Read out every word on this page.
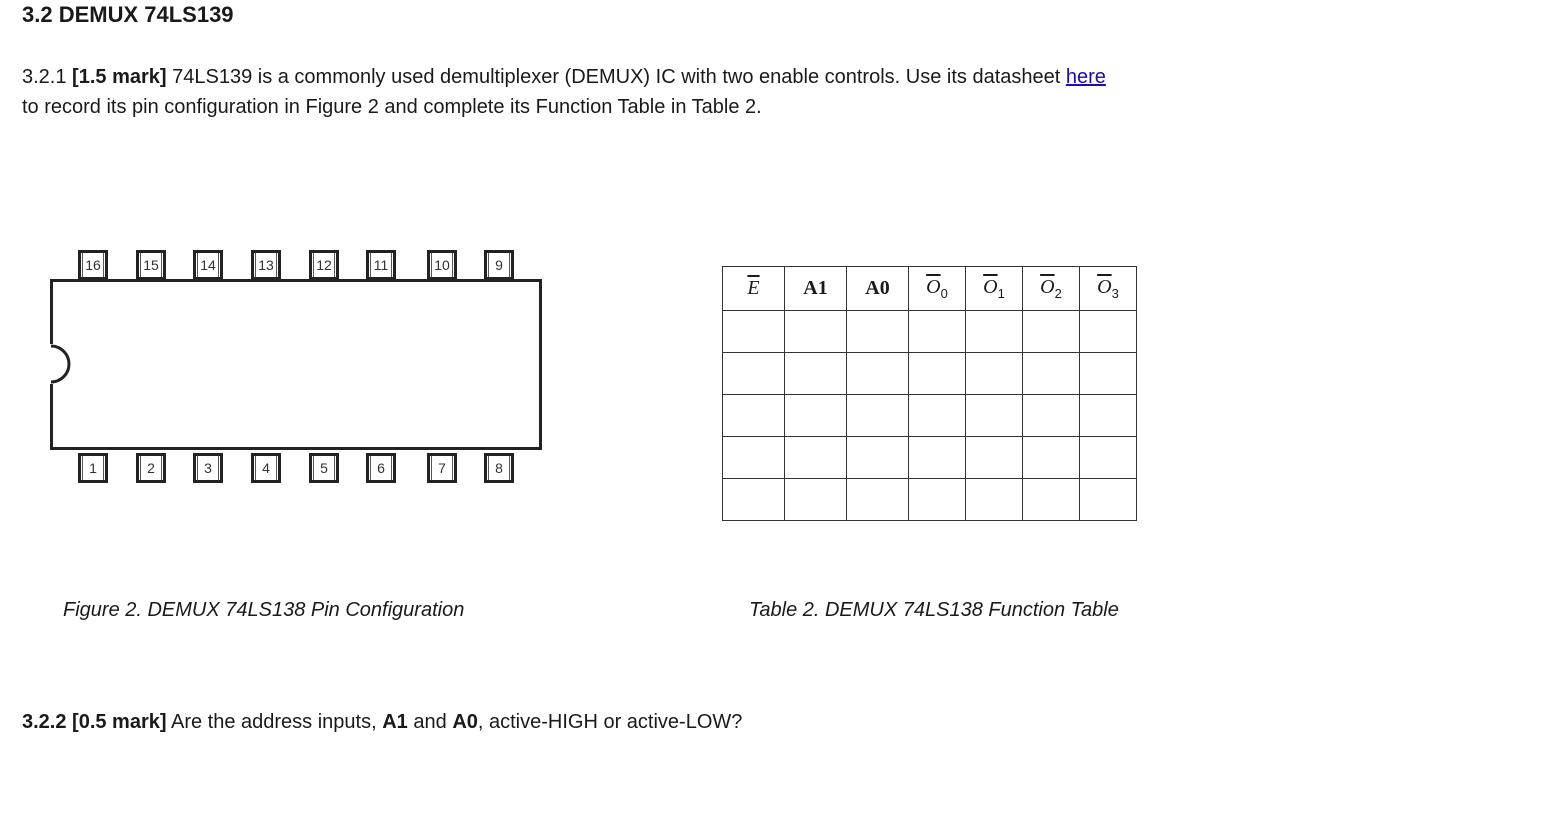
3.2 DEMUX 74LS139
3.2.1 [1.5 mark] 74LS139 is a commonly used demultiplexer (DEMUX) IC with two enable controls. Use its datasheet here to record its pin configuration in Figure 2 and complete its Function Table in Table 2.
16	15	14	13	12	11	10	9
1	2	3	4	5	6	7	8
Figure 2. DEMUX 74LS138 Pin Configuration
$\overline{E}$	A1	A0	$\overline{O}_0$	$\overline{O}_1$	$\overline{O}_2$	$\overline{O}_3$

Table 2. DEMUX 74LS138 Function Table
3.2.2 [0.5 mark] Are the address inputs, A1 and A0, active-HIGH or active-LOW?
